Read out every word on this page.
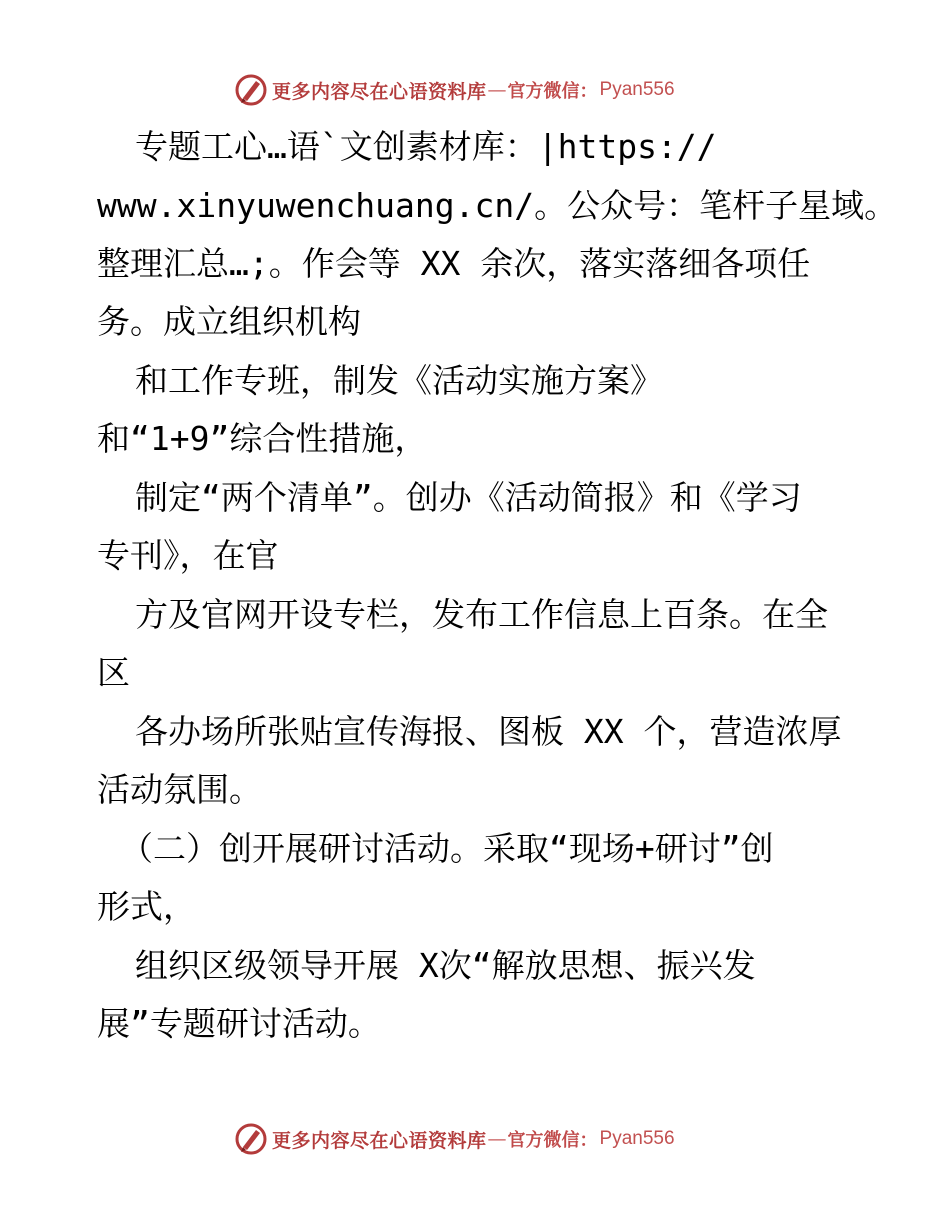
更多内容尽在心语资料库 — 官方微信： Pyan556
专题工心…语`文创素材库：|https://
www.xinyuwenchuang.cn/。公众号：笔杆子星域。
整理汇总…;。作会等 XX 余次，落实落细各项任
务。成立组织机构
和工作专班，制发《活动实施方案》
和“1+9”综合性措施，
制定“两个清单”。创办《活动简报》和《学习
专刊》，在官
方及官网开设专栏，发布工作信息上百条。在全
区
各办场所张贴宣传海报、图板 XX 个，营造浓厚
活动氛围。
（二）创开展研讨活动。采取“现场+研讨”创
形式，
组织区级领导开展 X次“解放思想、振兴发
展”专题研讨活动。
更多内容尽在心语资料库 — 官方微信： Pyan556
